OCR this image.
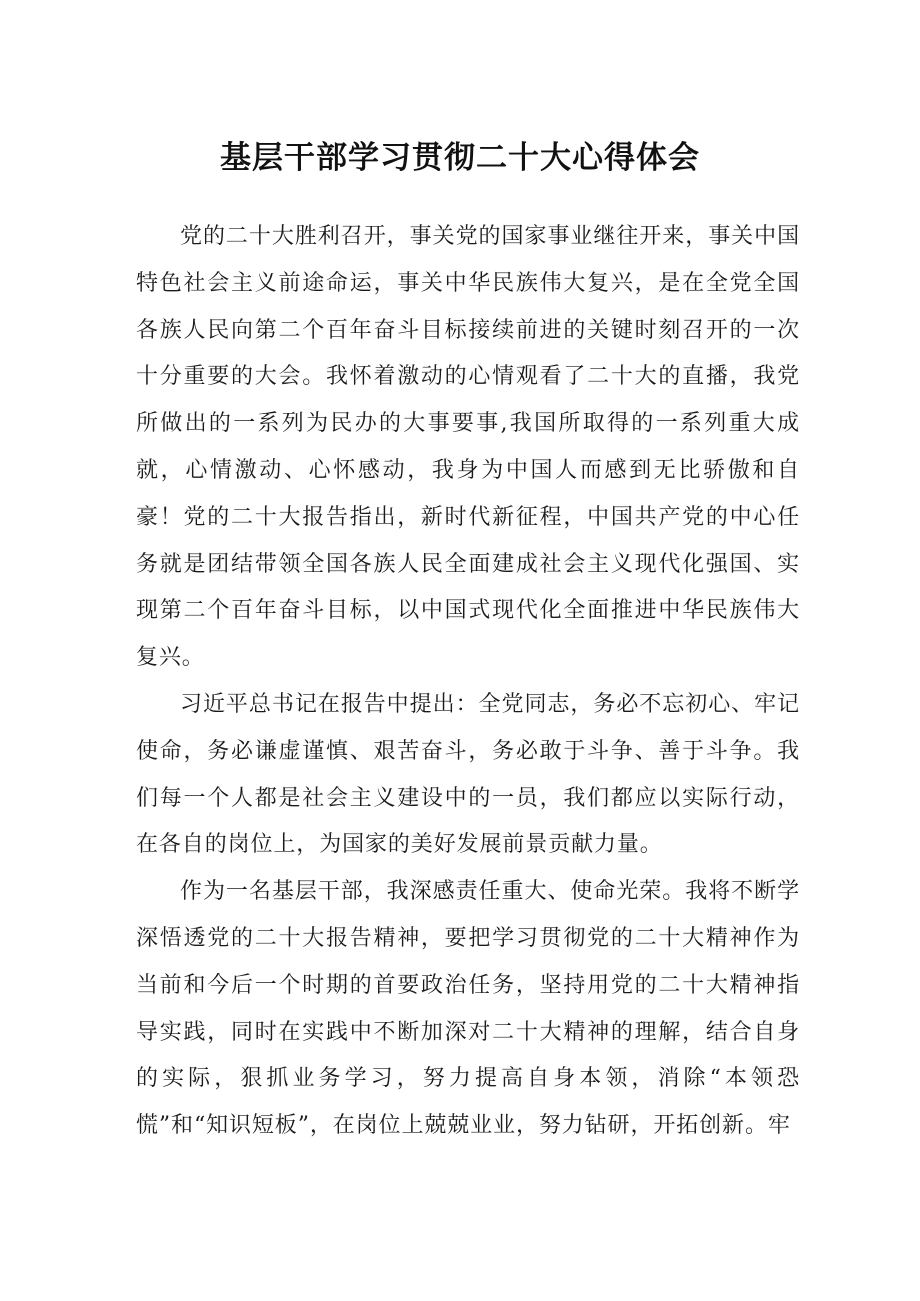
基层干部学习贯彻二十大心得体会

党的二十大胜利召开，事关党的国家事业继往开来，事关中国特色社会主义前途命运，事关中华民族伟大复兴，是在全党全国各族人民向第二个百年奋斗目标接续前进的关键时刻召开的一次十分重要的大会。我怀着激动的心情观看了二十大的直播，我党所做出的一系列为民办的大事要事,我国所取得的一系列重大成就，心情激动、心怀感动，我身为中国人而感到无比骄傲和自豪！党的二十大报告指出，新时代新征程，中国共产党的中心任务就是团结带领全国各族人民全面建成社会主义现代化强国、实现第二个百年奋斗目标，以中国式现代化全面推进中华民族伟大复兴。

习近平总书记在报告中提出：全党同志，务必不忘初心、牢记使命，务必谦虚谨慎、艰苦奋斗，务必敢于斗争、善于斗争。我们每一个人都是社会主义建设中的一员，我们都应以实际行动，在各自的岗位上，为国家的美好发展前景贡献力量。

作为一名基层干部，我深感责任重大、使命光荣。我将不断学深悟透党的二十大报告精神，要把学习贯彻党的二十大精神作为当前和今后一个时期的首要政治任务，坚持用党的二十大精神指导实践，同时在实践中不断加深对二十大精神的理解，结合自身的实际，狠抓业务学习，努力提高自身本领，消除“本领恐慌”和“知识短板”，在岗位上兢兢业业，努力钻研，开拓创新。牢
